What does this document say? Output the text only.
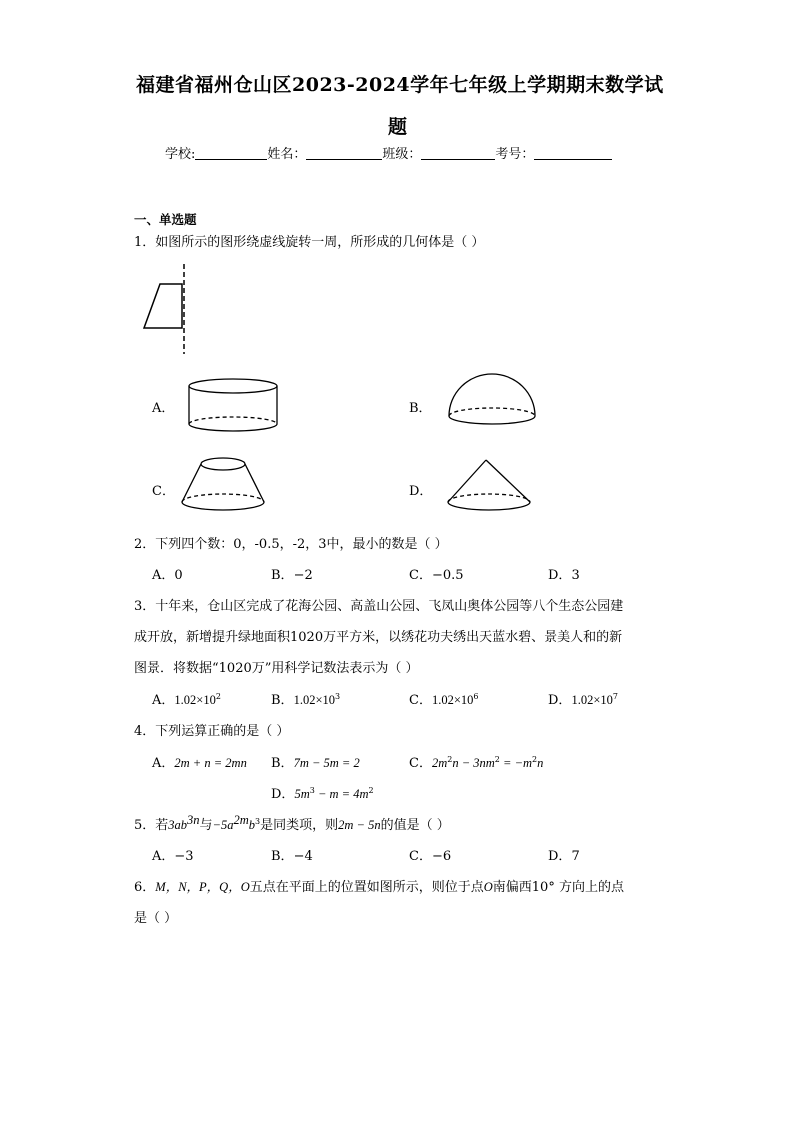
福建省福州仓山区2023-2024学年七年级上学期期末数学试
题
学校:	姓名：	班级：	考号：
一、单选题
1．如图所示的图形绕虚线旋转一周，所形成的几何体是（ ）
A．	B．
C．	D．
2．下列四个数：0，-0.5，-2，3中，最小的数是（ ）
A．0	B．−2	C．−0.5	D．3
3．十年来，仓山区完成了花海公园、高盖山公园、飞凤山奥体公园等八个生态公园建
成开放，新增提升绿地面积1020万平方米，以绣花功夫绣出天蓝水碧、景美人和的新
图景．将数据“1020万”用科学记数法表示为（ ）
A．$1.02\times 10^2$	B．$1.02\times 10^3$	C．$1.02\times 10^6$	D．$1.02\times 10^7$
4．下列运算正确的是（ ）
A．2m + n = 2mn B．7m − 5m = 2	C．$2m^2n - 3nm^2 = -m^2n$
D．$5m^3 - m = 4m^2$
5．若$3ab^{3n}$与$-5a^{2m}b^3$是同类项，则2m − 5n的值是（ ）
A．−3	B．−4	C．−6	D．7
6．M，N，P，Q，O五点在平面上的位置如图所示，则位于点O南偏西10° 方向上的点
是（ ）
